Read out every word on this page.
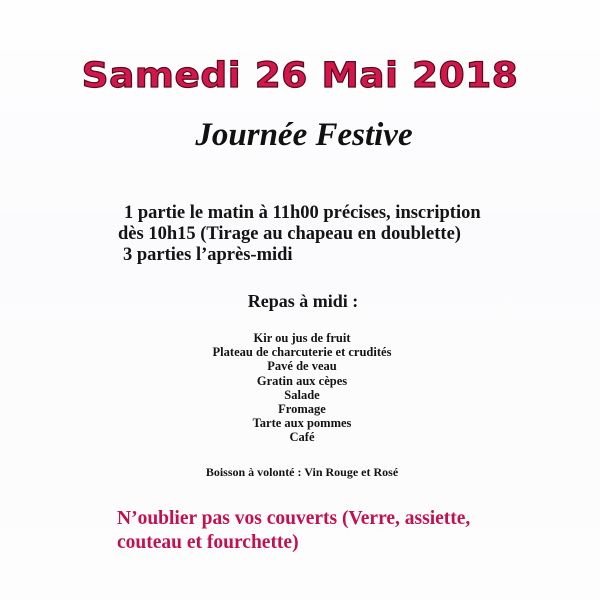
Samedi 26 Mai 2018
Journée Festive
1 partie le matin à 11h00 précises, inscription
dès 10h15 (Tirage au chapeau en doublette)
3 parties l’après-midi
Repas à midi :
Kir ou jus de fruit
Plateau de charcuterie et crudités
Pavé de veau
Gratin aux cèpes
Salade
Fromage
Tarte aux pommes
Café
Boisson à volonté : Vin Rouge et Rosé
N’oublier pas vos couverts (Verre, assiette,
couteau et fourchette)
